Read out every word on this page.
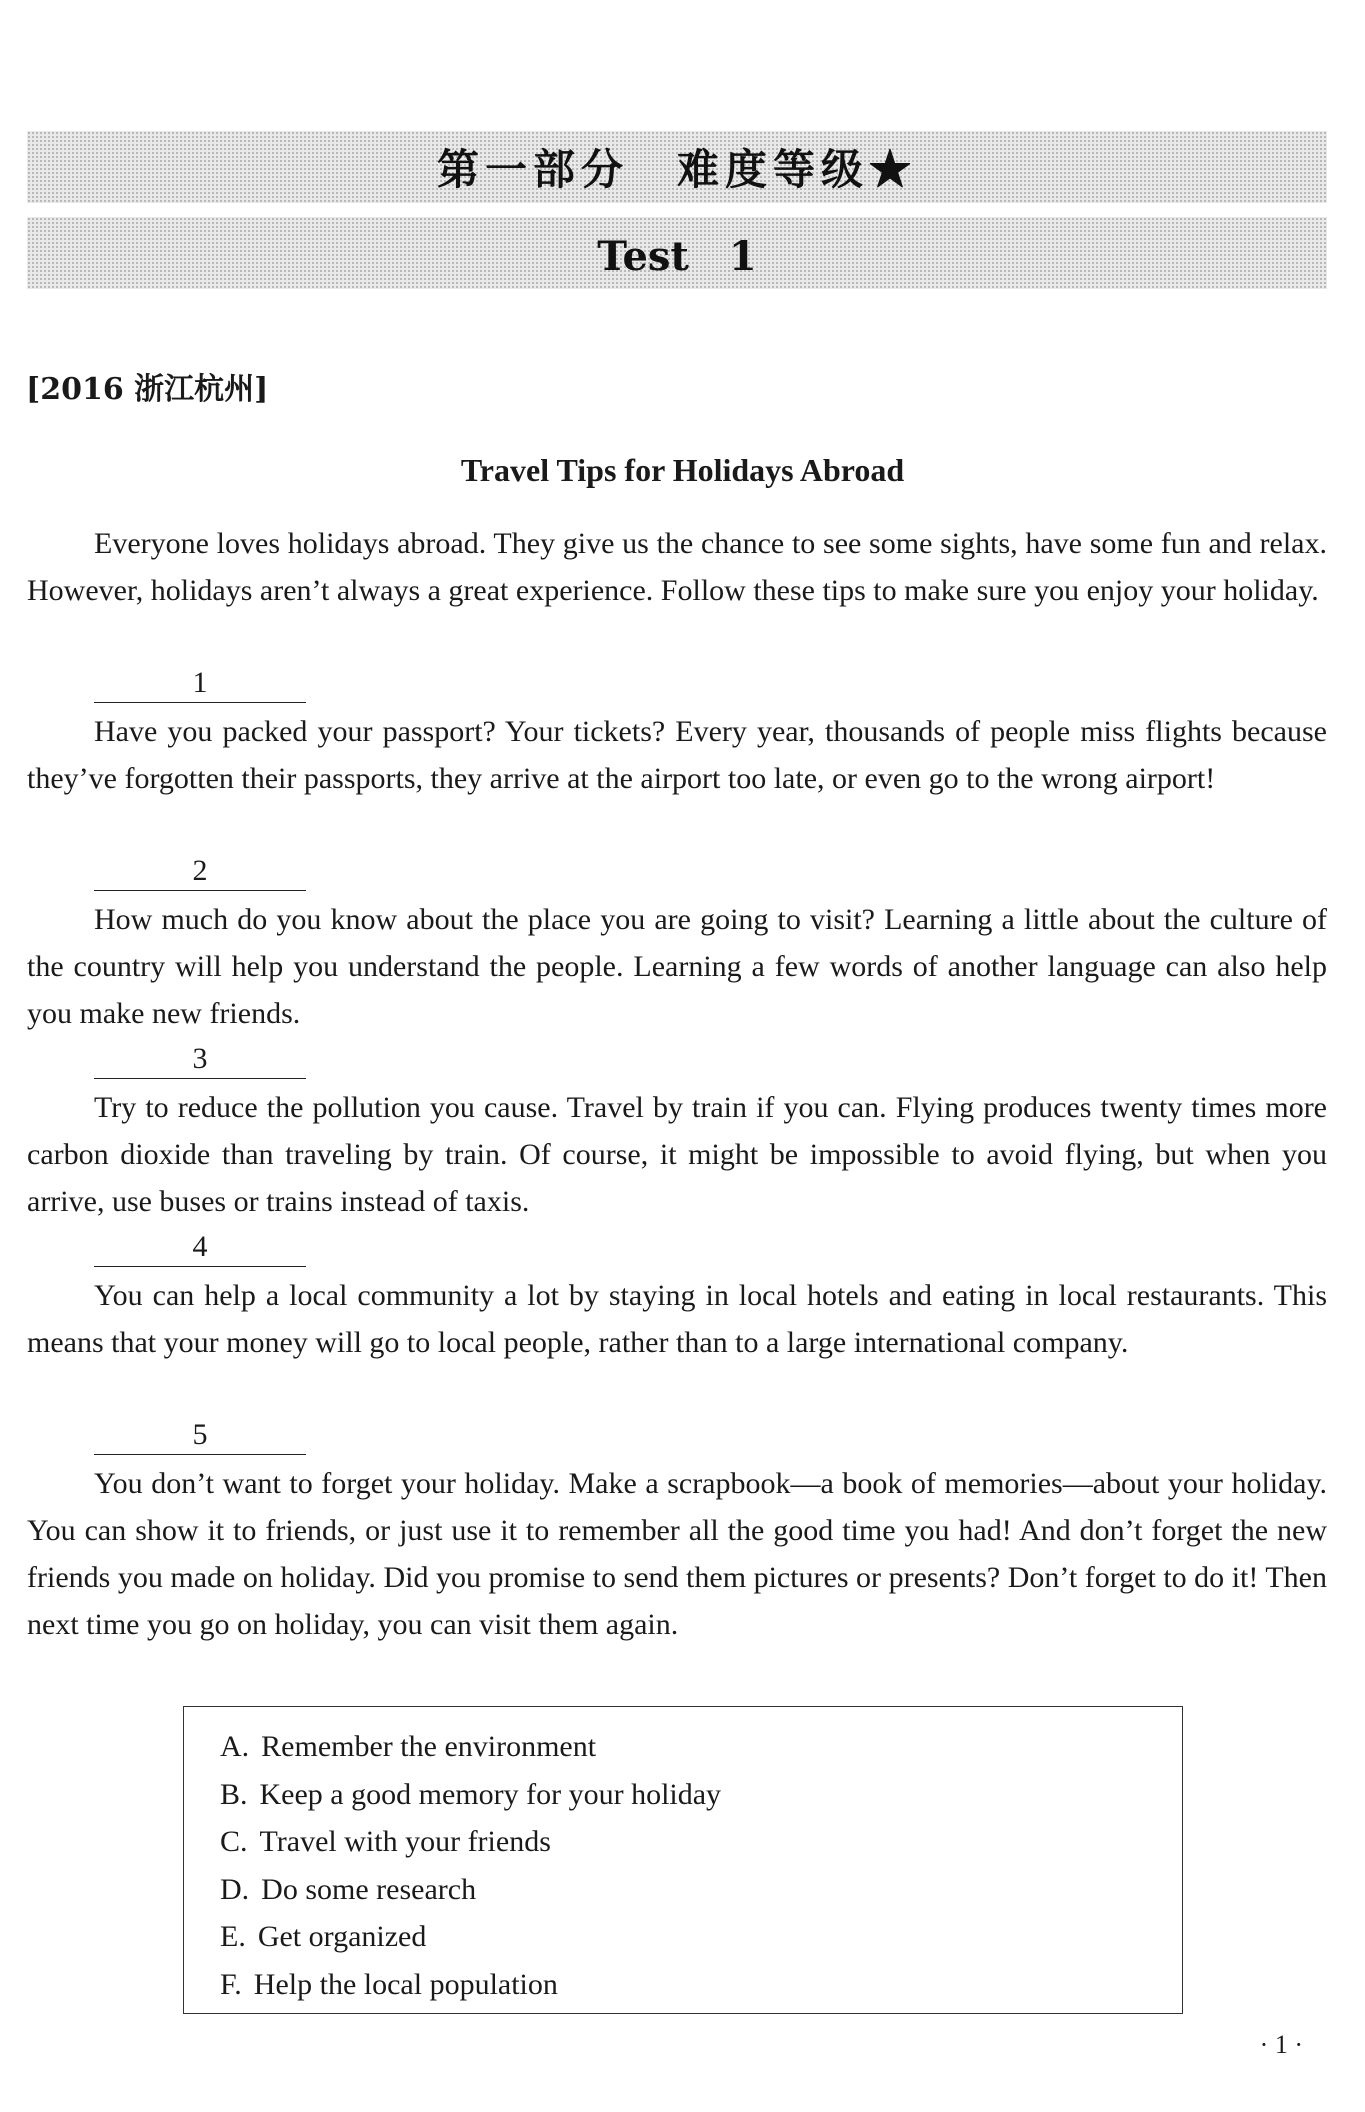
第一部分　难度等级★
Test　1
[2016 浙江杭州]
Travel Tips for Holidays Abroad

Everyone loves holidays abroad. They give us the chance to see some sights, have some fun and relax. However, holidays aren’t always a great experience. Follow these tips to make sure you enjoy your holiday.

1

Have you packed your passport? Your tickets? Every year, thousands of people miss flights because they’ve forgotten their passports, they arrive at the airport too late, or even go to the wrong airport!

2

How much do you know about the place you are going to visit? Learning a little about the culture of the country will help you understand the people. Learning a few words of another language can also help you make new friends.

3

Try to reduce the pollution you cause. Travel by train if you can. Flying produces twenty times more carbon dioxide than traveling by train. Of course, it might be impossible to avoid flying, but when you arrive, use buses or trains instead of taxis.

4

You can help a local community a lot by staying in local hotels and eating in local restaurants. This means that your money will go to local people, rather than to a large international company.

5

You don’t want to forget your holiday. Make a scrapbook—a book of memories—about your holiday. You can show it to friends, or just use it to remember all the good time you had! And don’t forget the new friends you made on holiday. Did you promise to send them pictures or presents? Don’t forget to do it! Then next time you go on holiday, you can visit them again.

A. Remember the environment
B. Keep a good memory for your holiday
C. Travel with your friends
D. Do some research
E. Get organized
F. Help the local population
· 1 ·
